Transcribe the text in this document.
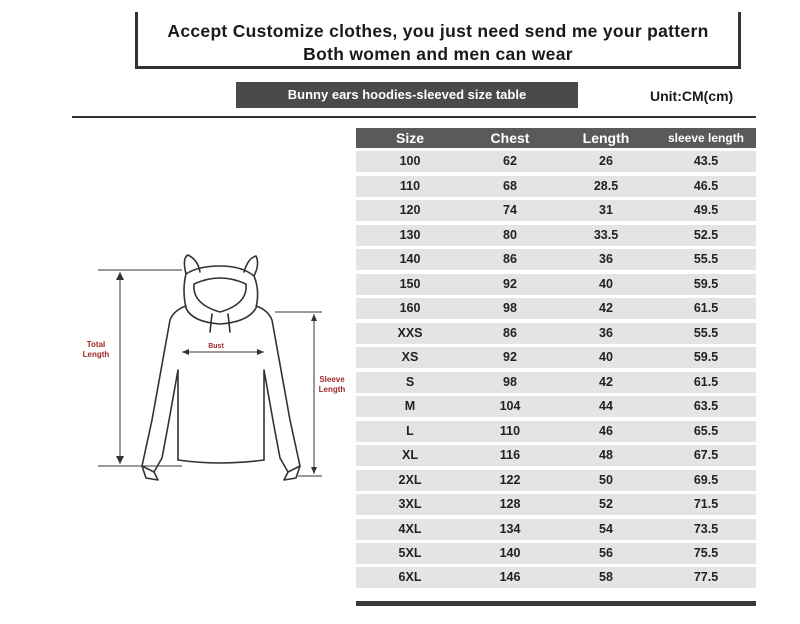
Accept Customize clothes, you just need send me your pattern
Both women and men can wear
Bunny ears hoodies-sleeved size table	Unit:CM(cm)
Total
Length
Bust
Sleeve
Length
Size	Chest	Length	sleeve length
100	62	26	43.5
110	68	28.5	46.5
120	74	31	49.5
130	80	33.5	52.5
140	86	36	55.5
150	92	40	59.5
160	98	42	61.5
XXS	86	36	55.5
XS	92	40	59.5
S	98	42	61.5
M	104	44	63.5
L	110	46	65.5
XL	116	48	67.5
2XL	122	50	69.5
3XL	128	52	71.5
4XL	134	54	73.5
5XL	140	56	75.5
6XL	146	58	77.5
